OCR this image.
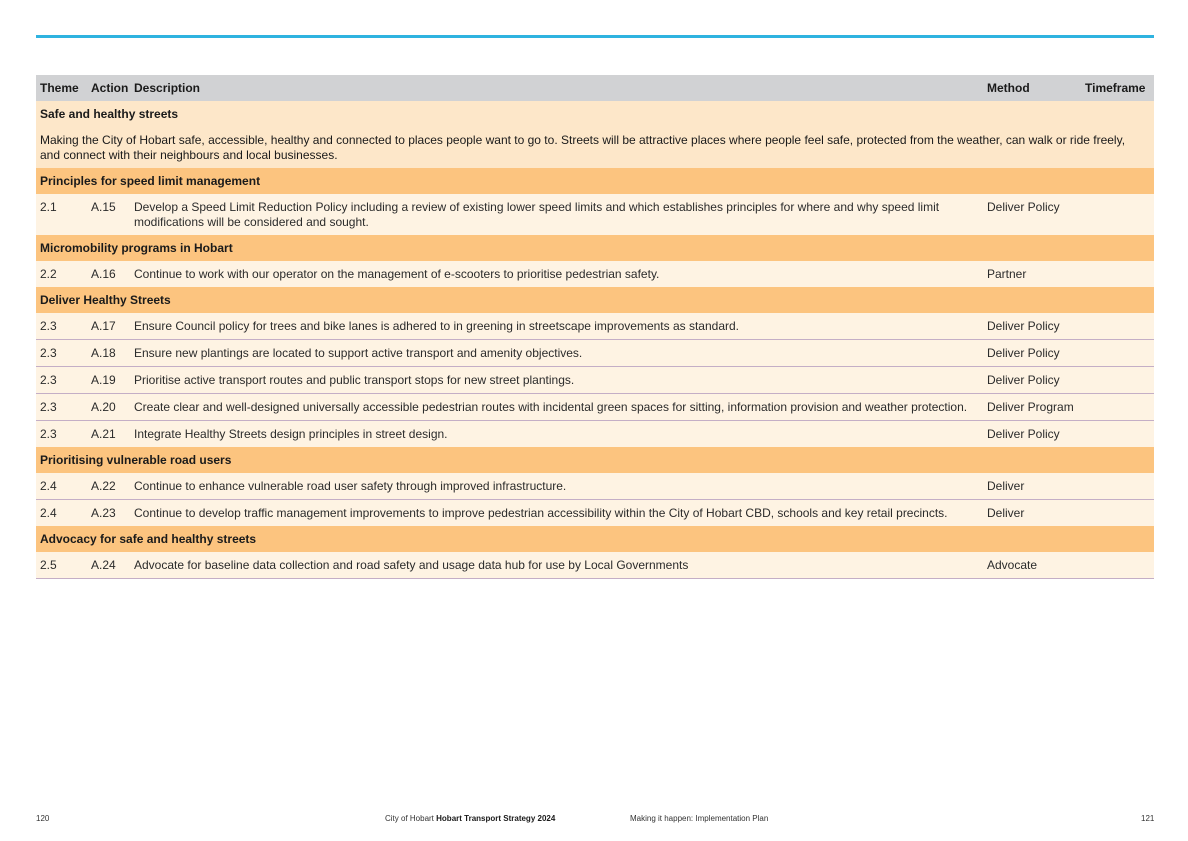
Theme	Action	Description	Method	Timeframe
Safe and healthy streets				
Making the City of Hobart safe, accessible, healthy and connected to places people want to go to. Streets will be attractive places where people feel safe, protected from the weather, can walk or ride freely, and connect with their neighbours and local businesses.				
Principles for speed limit management				
2.1	A.15	Develop a Speed Limit Reduction Policy including a review of existing lower speed limits and which establishes principles for where and why speed limit modifications will be considered and sought.	Deliver Policy	
Micromobility programs in Hobart				
2.2	A.16	Continue to work with our operator on the management of e-scooters to prioritise pedestrian safety.	Partner	
Deliver Healthy Streets				
2.3	A.17	Ensure Council policy for trees and bike lanes is adhered to in greening in streetscape improvements as standard.	Deliver Policy	
2.3	A.18	Ensure new plantings are located to support active transport and amenity objectives.	Deliver Policy	
2.3	A.19	Prioritise active transport routes and public transport stops for new street plantings.	Deliver Policy	
2.3	A.20	Create clear and well-designed universally accessible pedestrian routes with incidental green spaces for sitting, information provision and weather protection.	Deliver Program	
2.3	A.21	Integrate Healthy Streets design principles in street design.	Deliver Policy	
Prioritising vulnerable road users				
2.4	A.22	Continue to enhance vulnerable road user safety through improved infrastructure.	Deliver	
2.4	A.23	Continue to develop traffic management improvements to improve pedestrian accessibility within the City of Hobart CBD, schools and key retail precincts.	Deliver	
Advocacy for safe and healthy streets				
2.5	A.24	Advocate for baseline data collection and road safety and usage data hub for use by Local Governments	Advocate	
120	City of Hobart Hobart Transport Strategy 2024	Making it happen: Implementation Plan	121
